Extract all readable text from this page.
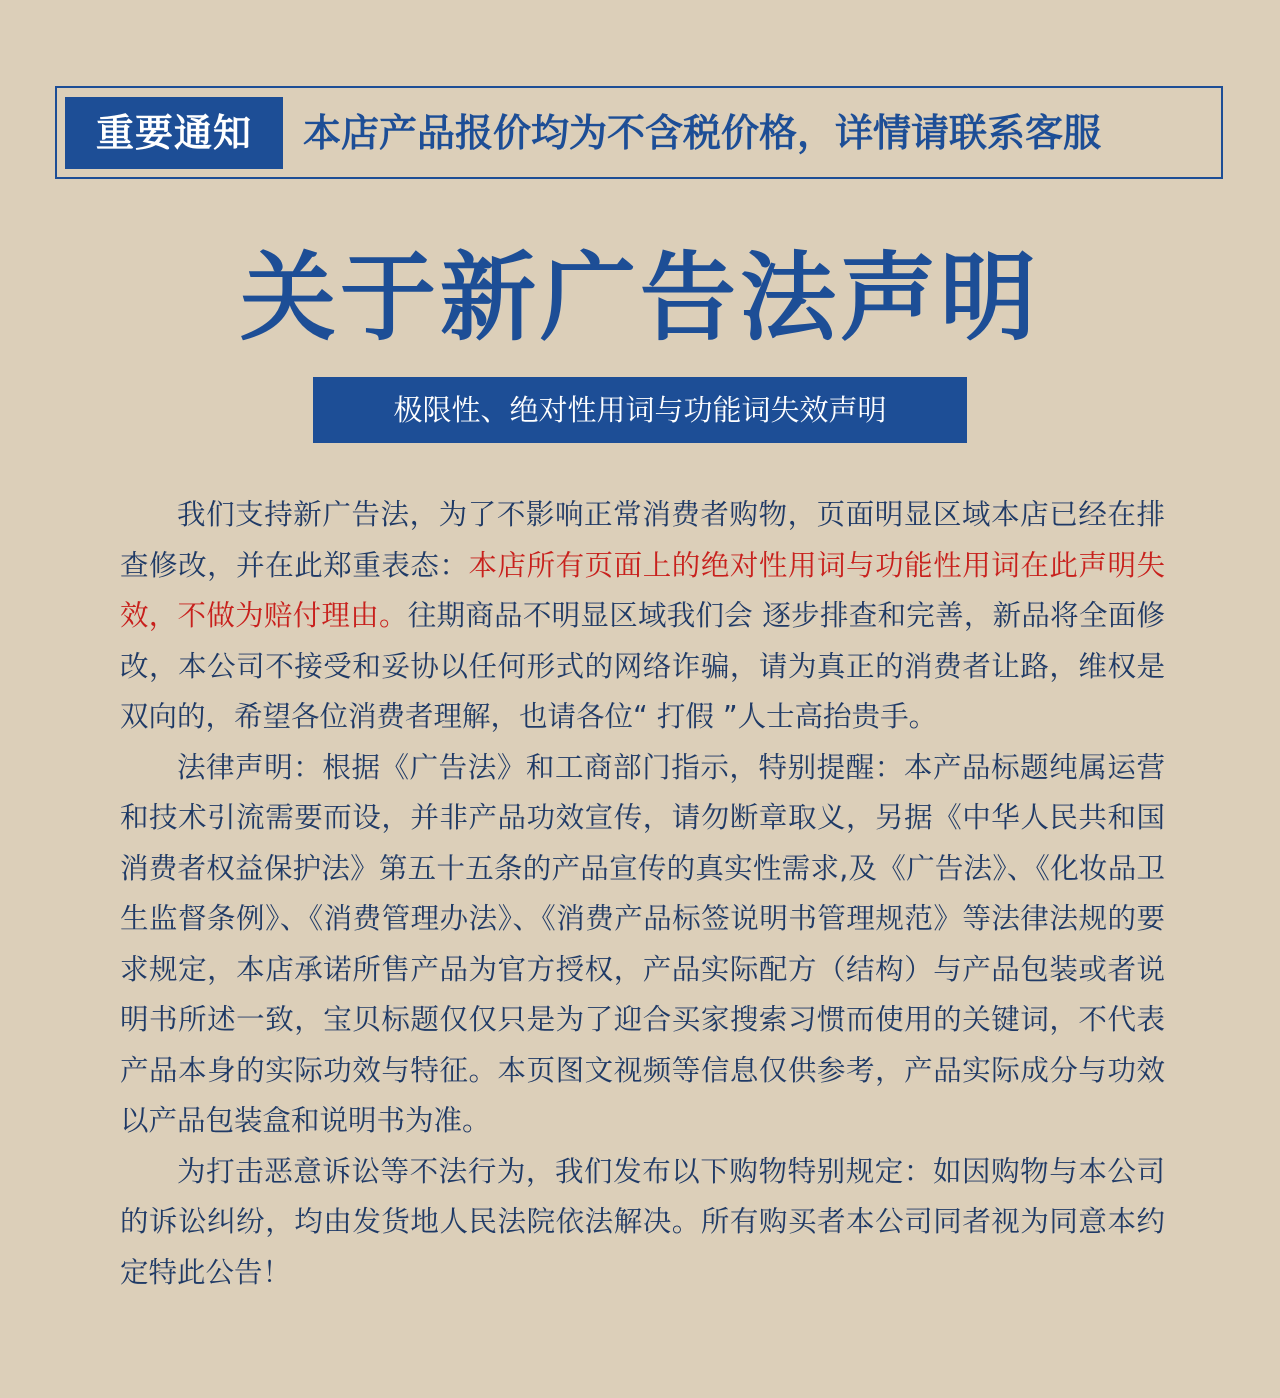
重要通知	本店产品报价均为不含税价格，详情请联系客服
关于新广告法声明
极限性、绝对性用词与功能词失效声明

我们支持新广告法，为了不影响正常消费者购物，页面明显区域本店已经在排查修改，并在此郑重表态：本店所有页面上的绝对性用词与功能性用词在此声明失效，不做为赔付理由。往期商品不明显区域我们会 逐步排查和完善，新品将全面修改，本公司不接受和妥协以任何形式的网络诈骗，请为真正的消费者让路，维权是双向的，希望各位消费者理解，也请各位“ 打假 ”人士高抬贵手。

法律声明：根据《广告法》和工商部门指示，特别提醒：本产品标题纯属运营和技术引流需要而设，并非产品功效宣传，请勿断章取义，另据《中华人民共和国消费者权益保护法》第五十五条的产品宣传的真实性需求,及《广告法》、《化妆品卫生监督条例》、《消费管理办法》、《消费产品标签说明书管理规范》等法律法规的要求规定，本店承诺所售产品为官方授权，产品实际配方（结构）与产品包装或者说明书所述一致，宝贝标题仅仅只是为了迎合买家搜索习惯而使用的关键词，不代表产品本身的实际功效与特征。本页图文视频等信息仅供参考，产品实际成分与功效以产品包装盒和说明书为准。

为打击恶意诉讼等不法行为，我们发布以下购物特别规定：如因购物与本公司的诉讼纠纷，均由发货地人民法院依法解决。所有购买者本公司同者视为同意本约定特此公告！
